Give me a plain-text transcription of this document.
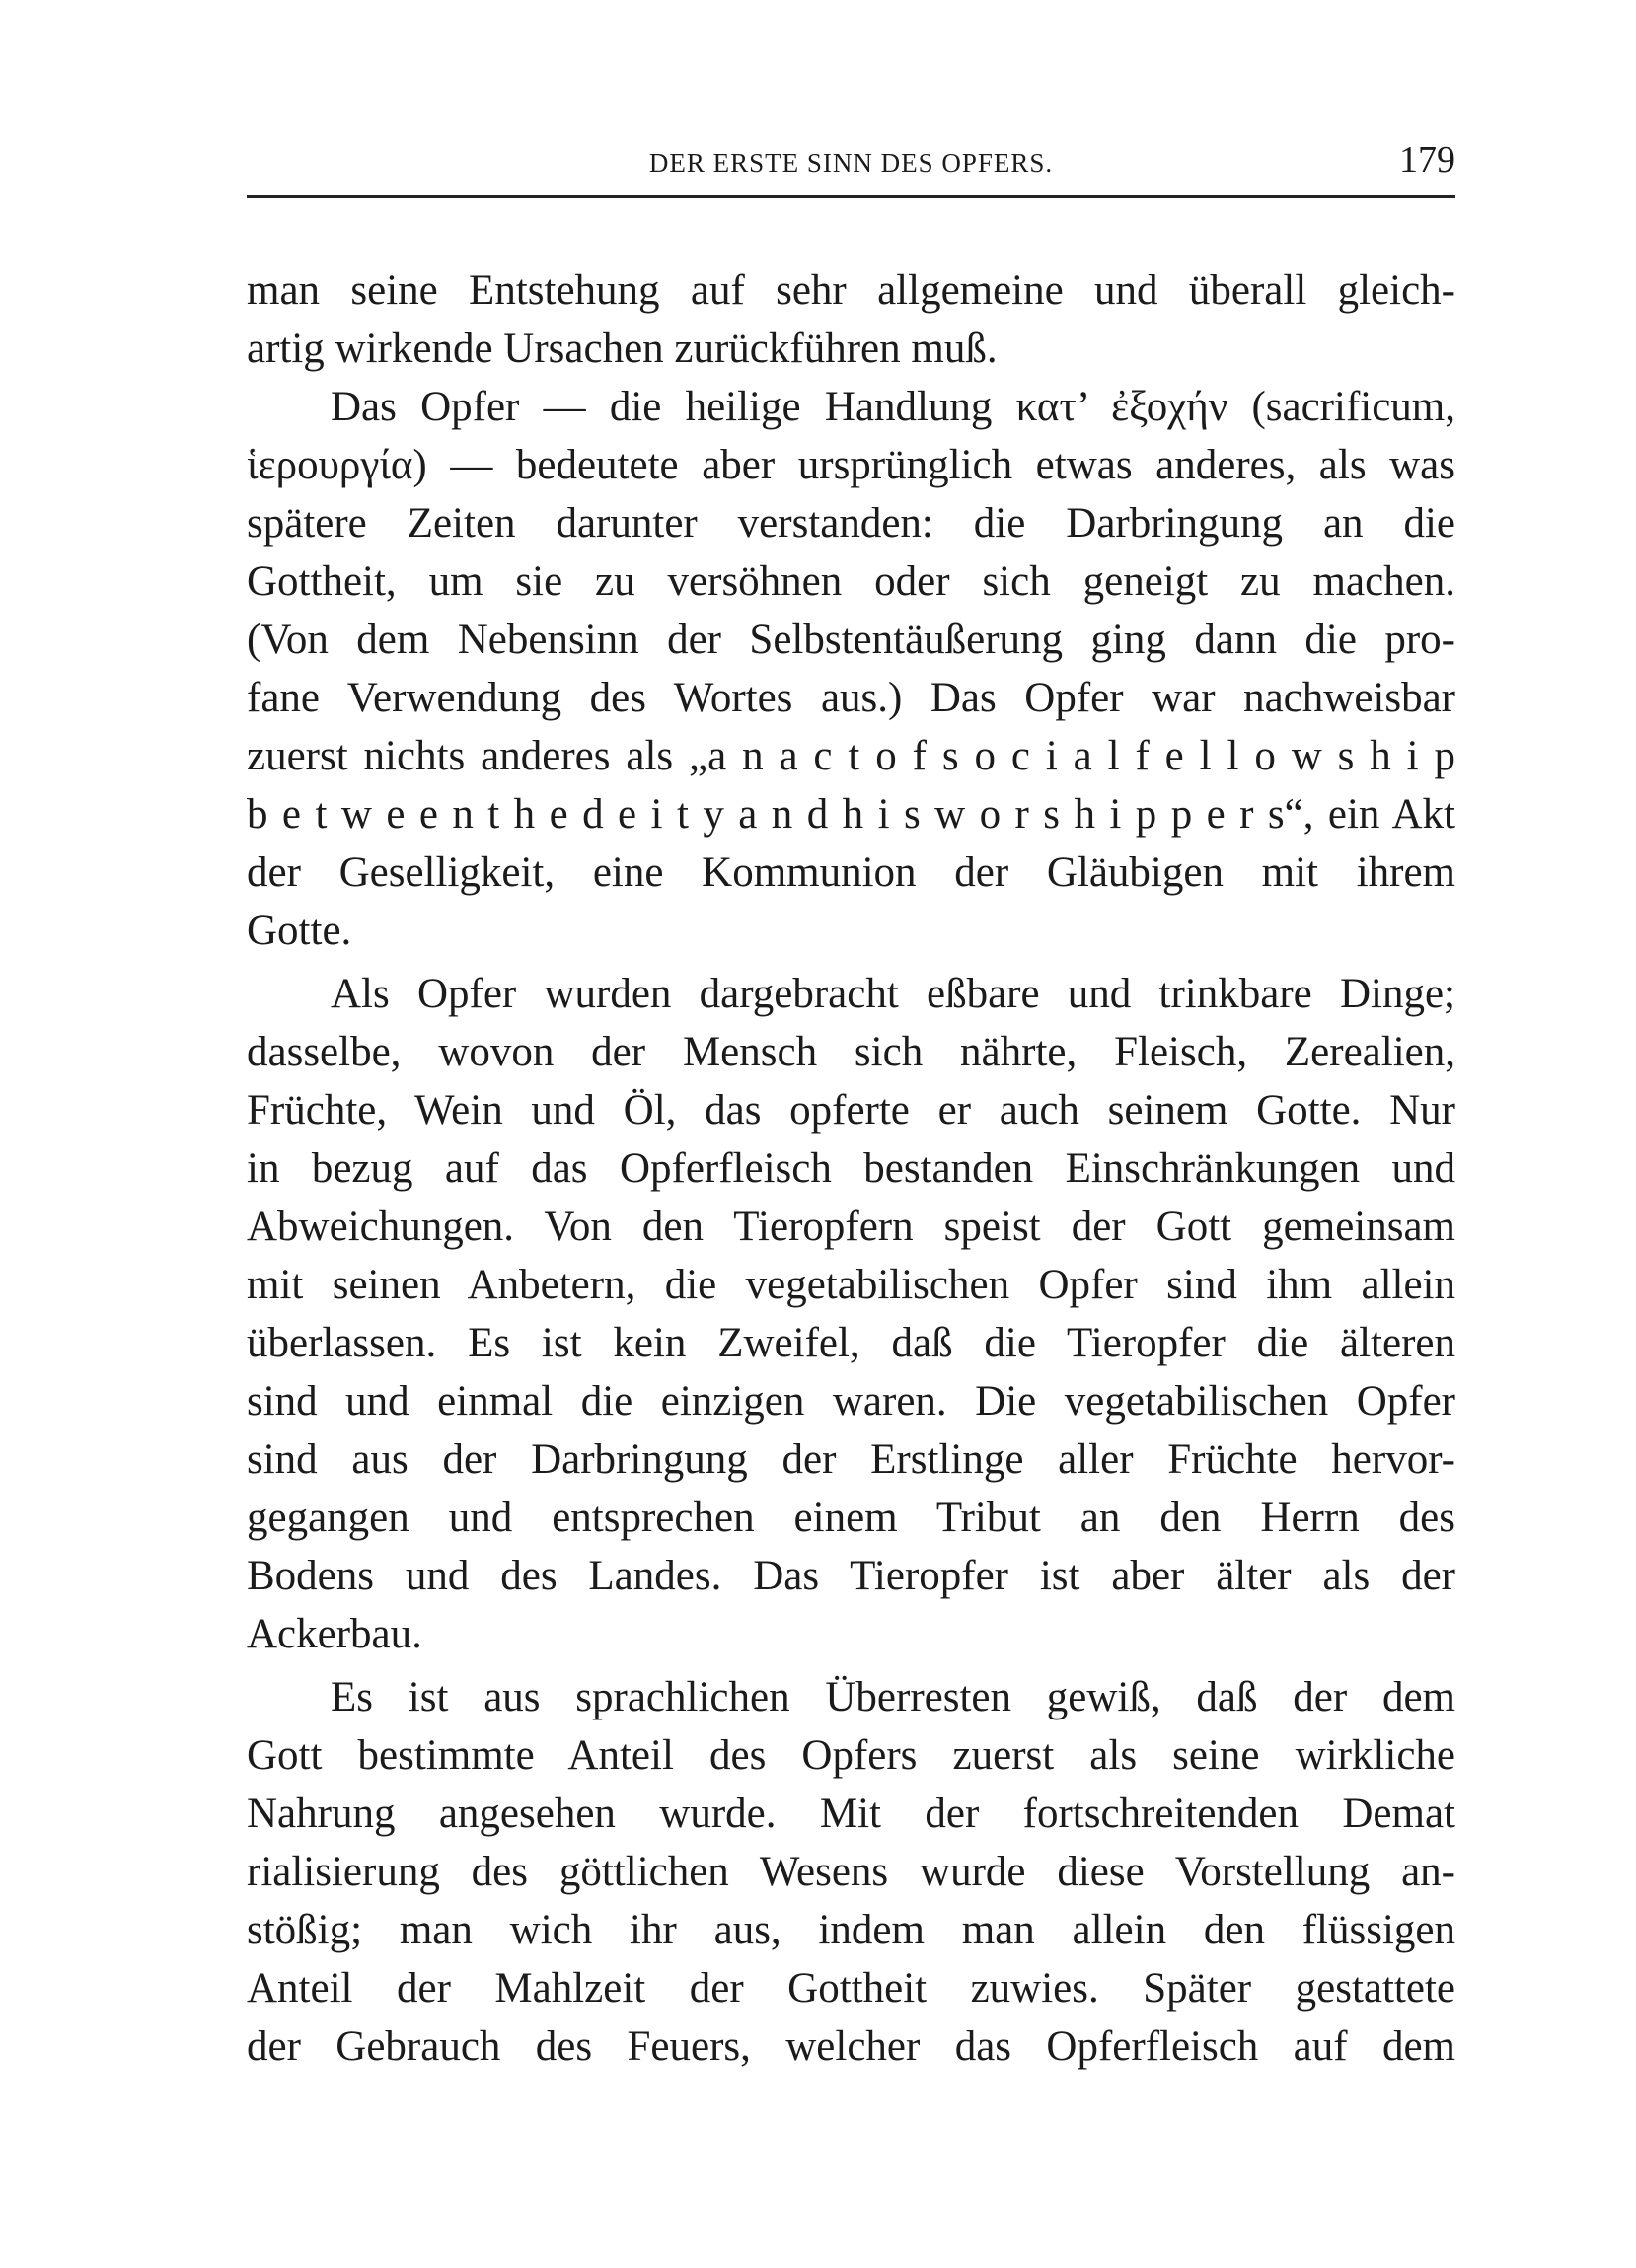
DER ERSTE SINN DES OPFERS.	179
man seine Entstehung auf sehr allgemeine und überall gleich-
artig wirkende Ursachen zurückführen muß.
Das Opfer — die heilige Handlung κατ’ ἐξοχήν (sacrificum,
ἱερουργία) — bedeutete aber ursprünglich etwas anderes, als was
spätere Zeiten darunter verstanden: die Darbringung an die
Gottheit, um sie zu versöhnen oder sich geneigt zu machen.
(Von dem Nebensinn der Selbstentäußerung ging dann die pro-
fane Verwendung des Wortes aus.) Das Opfer war nachweisbar
zuerst nichts anderes als „a n a c t o f s o c i a l f e l l o w s h i p
b e t w e e n t h e d e i t y a n d h i s w o r s h i p p e r s“, ein Akt
der Geselligkeit, eine Kommunion der Gläubigen mit ihrem
Gotte.
Als Opfer wurden dargebracht eßbare und trinkbare Dinge;
dasselbe, wovon der Mensch sich nährte, Fleisch, Zerealien,
Früchte, Wein und Öl, das opferte er auch seinem Gotte. Nur
in bezug auf das Opferfleisch bestanden Einschränkungen und
Abweichungen. Von den Tieropfern speist der Gott gemeinsam
mit seinen Anbetern, die vegetabilischen Opfer sind ihm allein
überlassen. Es ist kein Zweifel, daß die Tieropfer die älteren
sind und einmal die einzigen waren. Die vegetabilischen Opfer
sind aus der Darbringung der Erstlinge aller Früchte hervor-
gegangen und entsprechen einem Tribut an den Herrn des
Bodens und des Landes. Das Tieropfer ist aber älter als der
Ackerbau.
Es ist aus sprachlichen Überresten gewiß, daß der dem
Gott bestimmte Anteil des Opfers zuerst als seine wirkliche
Nahrung angesehen wurde. Mit der fortschreitenden Demat
rialisierung des göttlichen Wesens wurde diese Vorstellung an-
stößig; man wich ihr aus, indem man allein den flüssigen
Anteil der Mahlzeit der Gottheit zuwies. Später gestattete
der Gebrauch des Feuers, welcher das Opferfleisch auf dem
